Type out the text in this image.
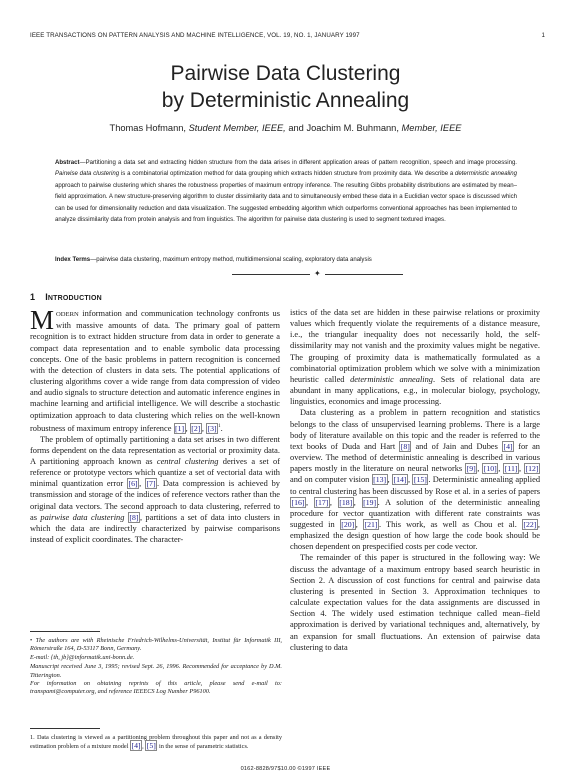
IEEE TRANSACTIONS ON PATTERN ANALYSIS AND MACHINE INTELLIGENCE, VOL. 19, NO. 1, JANUARY 1997	1
Pairwise Data Clustering
by Deterministic Annealing
Thomas Hofmann, Student Member, IEEE, and Joachim M. Buhmann, Member, IEEE
Abstract—Partitioning a data set and extracting hidden structure from the data arises in different application areas of pattern recognition, speech and image processing. Pairwise data clustering is a combinatorial optimization method for data grouping which extracts hidden structure from proximity data. We describe a deterministic annealing approach to pairwise clustering which shares the robustness properties of maximum entropy inference. The resulting Gibbs probability distributions are estimated by mean–field approximation. A new structure-preserving algorithm to cluster dissimilarity data and to simultaneously embed these data in a Euclidian vector space is discussed which can be used for dimensionality reduction and data visualization. The suggested embedding algorithm which outperforms conventional approaches has been implemented to analyze dissimilarity data from protein analysis and from linguistics. The algorithm for pairwise data clustering is used to segment textured images.
Index Terms—pairwise data clustering, maximum entropy method, multidimensional scaling, exploratory data analysis
✦
1 INTRODUCTION

MODERN information and communication technology confronts us with massive amounts of data. The primary goal of pattern recognition is to extract hidden structure from data in order to generate a compact data representation and to enable symbolic data processing concepts. One of the basic problems in pattern recognition is concerned with the detection of clusters in data sets. The potential applications of clustering algorithms cover a wide range from data compression of video and audio signals to structure detection and automatic inference engines in machine learning and artificial intelligence. We will describe a stochastic optimization approach to data clustering which relies on the well-known robustness of maximum entropy inference [1] , [2] , [3] $^1$.

The problem of optimally partitioning a data set arises in two different forms dependent on the data representation as vectorial or proximity data. A partitioning approach known as central clustering derives a set of reference or prototype vectors which quantize a set of vectorial data with minimal quantization error [6] , [7] . Data compression is achieved by transmission and storage of the indices of reference vectors rather than the original data vectors. The second approach to data clustering, referred to as pairwise data clustering [8] , partitions a set of data into clusters in which the data are indirectly characterized by pairwise comparisons instead of explicit coordinates. The character-

istics of the data set are hidden in these pairwise relations or proximity values which frequently violate the requirements of a distance measure, i.e., the triangular inequality does not necessarily hold, the self-dissimilarity may not vanish and the proximity values might be negative. The grouping of proximity data is mathematically formulated as a combinatorial optimization problem which we solve with a minimization heuristic called deterministic annealing. Sets of relational data are abundant in many applications, e.g., in molecular biology, psychology, linguistics, economics and image processing.

Data clustering as a problem in pattern recognition and statistics belongs to the class of unsupervised learning problems. There is a large body of literature available on this topic and the reader is referred to the text books of Duda and Hart [8] and of Jain and Dubes [4] for an overview. The method of deterministic annealing is described in various papers mostly in the literature on neural networks [9] , [10] , [11] , [12] and on computer vision [13] , [14] , [15] . Deterministic annealing applied to central clustering has been discussed by Rose et al. in a series of papers [16] , [17] , [18] , [19] . A solution of the deterministic annealing procedure for vector quantization with different rate constraints was suggested in [20] , [21] . This work, as well as Chou et al. [22] , emphasized the design question of how large the code book should be chosen dependent on prespecified costs per code vector.

The remainder of this paper is structured in the following way: We discuss the advantage of a maximum entropy based search heuristic in Section 2. A discussion of cost functions for central and pairwise data clustering is presented in Section 3. Approximation techniques to calculate expectation values for the data assignments are discussed in Section 4. The widely used estimation technique called mean–field approximation is derived by variational techniques and, alternatively, by an expansion for small fluctuations. An extension of pairwise data clustering to data

• The authors are with Rheinische Friedrich-Wilhelms-Universität, Institut für Informatik III, Römerstraße 164, D-53117 Bonn, Germany.
E-mail: {th, jb}@informatik.uni-bonn.de.

Manuscript received June 3, 1995; revised Sept. 26, 1996. Recommended for acceptance by D.M. Titterington.
For information on obtaining reprints of this article, please send e-mail to: transpami@computer.org, and reference IEEECS Log Number P96100.

1. Data clustering is viewed as a partitioning problem throughout this paper and not as a density estimation problem of a mixture model [4] , [5] in the sense of parametric statistics.
0162-8828/97$10.00 ©1997 IEEE
